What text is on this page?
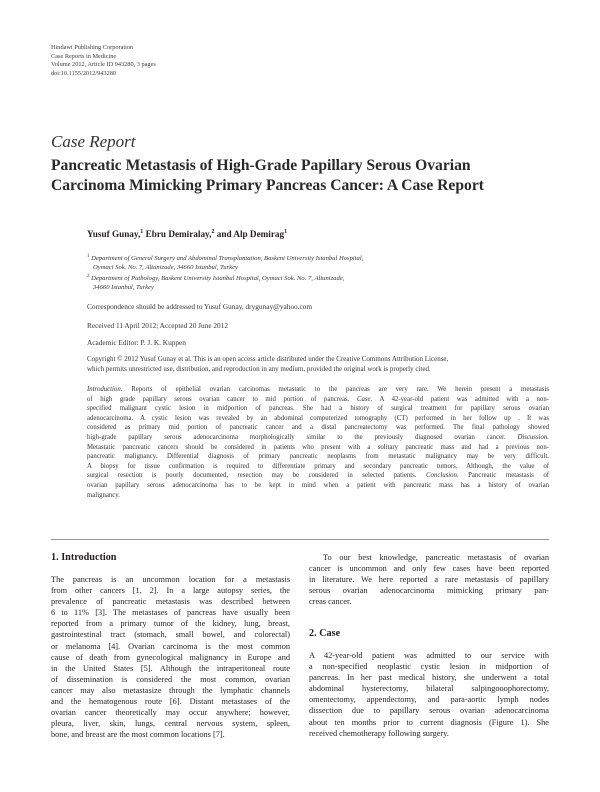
Hindawi Publishing Corporation
Case Reports in Medicine
Volume 2012, Article ID 943280, 3 pages
doi:10.1155/2012/943280
Case Report
Pancreatic Metastasis of High-Grade Papillary Serous Ovarian
Carcinoma Mimicking Primary Pancreas Cancer: A Case Report
Yusuf Gunay,$^1$ Ebru Demiralay,$^2$ and Alp Demirag$^1$
$^1$ Department of General Surgery and Abdominal Transplantation, Baskent University Istanbul Hospital,
Oymaci Sok. No. 7, Altunizade, 34660 Istanbul, Turkey
$^2$ Department of Pathology, Baskent University Istanbul Hospital, Oymaci Sok. No. 7, Altunizade,
34660 Istanbul, Turkey
Correspondence should be addressed to Yusuf Gunay, drygunay@yahoo.com
Received 11 April 2012; Accepted 20 June 2012
Academic Editor: P. J. K. Kuppen
Copyright © 2012 Yusuf Gunay et al. This is an open access article distributed under the Creative Commons Attribution License,
which permits unrestricted use, distribution, and reproduction in any medium, provided the original work is properly cited.
Introduction. Reports of epithelial ovarian carcinomas metastatic to the pancreas are very rare. We herein present a metastasis
of high grade papillary serous ovarian cancer to mid portion of pancreas. Case. A 42-year-old patient was admitted with a non-
specified malignant cystic lesion in midportion of pancreas. She had a history of surgical treatment for papillary serous ovarian
adenocarcinoma. A cystic lesion was revealed by an abdominal computerized tomography (CT) performed in her follow up . It was
considered as primary mid portion of pancreatic cancer and a distal pancreatectomy was performed. The final pathology showed
high-grade papillary serous adenocarcinoma morphologically similar to the previously diagnosed ovarian cancer. Discussion.
Metastatic pancreatic cancers should be considered in patients who present with a solitary pancreatic mass and had a previous non-
pancreatic malignancy. Differential diagnosis of primary pancreatic neoplasms from metastatic malignancy may be very difficult.
A biopsy for tissue confirmation is required to differentiate primary and secondary pancreatic tumors. Although, the value of
surgical resection is poorly documented, resection may be considered in selected patients. Conclusion. Pancreatic metastasis of
ovarian papillary serous adenocarcinoma has to be kept in mind when a patient with pancreatic mass has a history of ovarian
malignancy.
1. Introduction
The pancreas is an uncommon location for a metastasis
from other cancers [1, 2]. In a large autopsy series, the
prevalence of pancreatic metastasis was described between
6 to 11% [3]. The metastases of pancreas have usually been
reported from a primary tumor of the kidney, lung, breast,
gastrointestinal tract (stomach, small bowel, and colorectal)
or melanoma [4]. Ovarian carcinoma is the most common
cause of death from gynecological malignancy in Europe and
in the United States [5]. Although the intraperitoneal route
of dissemination is considered the most common, ovarian
cancer may also metastasize through the lymphatic channels
and the hematogenous route [6]. Distant metastases of the
ovarian cancer theoretically may occur anywhere; however,
pleura, liver, skin, lungs, central nervous system, spleen,
bone, and breast are the most common locations [7].
To our best knowledge, pancreatic metastasis of ovarian
cancer is uncommon and only few cases have been reported
in literature. We here reported a rare metastasis of papillary
serous ovarian adenocarcinoma mimicking primary pan-
creas cancer.
2. Case
A 42-year-old patient was admitted to our service with
a non-specified neoplastic cystic lesion in midportion of
pancreas. In her past medical history, she underwent a total
abdominal hysterectomy, bilateral salpingooophorectomy,
omentectomy, appendectomy, and para-aortic lymph nodes
dissection due to papillary serous ovarian adenocarcinoma
about ten months prior to current diagnosis (Figure 1). She
received chemotherapy following surgery.
